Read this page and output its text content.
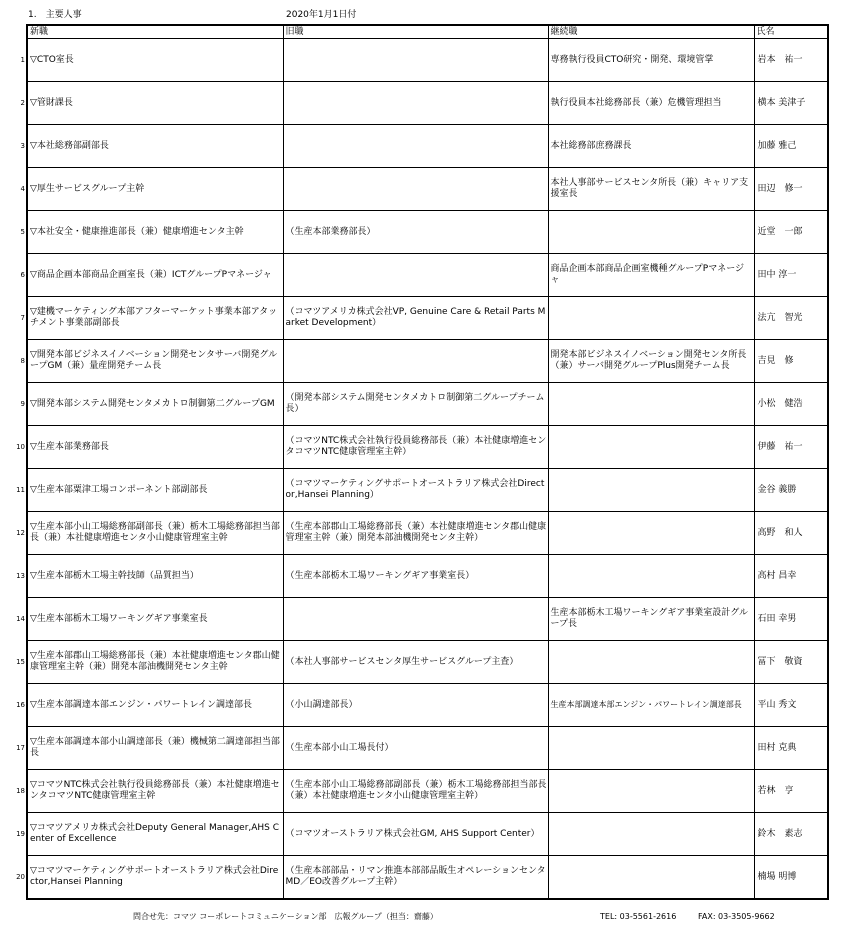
1.　主要人事	2020年1月1日付
	新職	旧職	継続職	氏名
1	▽CTO室長		専務執行役員CTO研究・開発、環境管掌	岩本　祐一
2	▽管財課長		執行役員本社総務部長（兼）危機管理担当	横本 美津子
3	▽本社総務部副部長		本社総務部庶務課長	加藤 雅己
4	▽厚生サービスグループ主幹		本社人事部サービスセンタ所長（兼）キャリア支援室長	田辺　修一
5	▽本社安全・健康推進部長（兼）健康増進センタ主幹	（生産本部業務部長）		近堂　一郎
6	▽商品企画本部商品企画室長（兼）ICTグループPマネージャ		商品企画本部商品企画室機種グループPマネージャ	田中 淳一
7	▽建機マーケティング本部アフターマーケット事業本部アタッチメント事業部副部長	（コマツアメリカ株式会社VP, Genuine Care & Retail Parts Market Development）		法亢　智光
8	▽開発本部ビジネスイノベーション開発センタサーバ開発グループGM（兼）量産開発チーム長		開発本部ビジネスイノベーション開発センタ所長（兼）サーバ開発グループPlus開発チーム長	吉見　修
9	▽開発本部システム開発センタメカトロ制御第二グループGM	（開発本部システム開発センタメカトロ制御第二グループチーム長）		小松　健浩
10	▽生産本部業務部長	（コマツNTC株式会社執行役員総務部長（兼）本社健康増進センタコマツNTC健康管理室主幹）		伊藤　祐一
11	▽生産本部粟津工場コンポーネント部副部長	（コマツマーケティングサポートオーストラリア株式会社Director,Hansei Planning）		金谷 義勝
12	▽生産本部小山工場総務部副部長（兼）栃木工場総務部担当部長（兼）本社健康増進センタ小山健康管理室主幹	（生産本部郡山工場総務部長（兼）本社健康増進センタ郡山健康管理室主幹（兼）開発本部油機開発センタ主幹）		高野　和人
13	▽生産本部栃木工場主幹技師（品質担当）	（生産本部栃木工場ワーキングギア事業室長）		高村 昌幸
14	▽生産本部栃木工場ワーキングギア事業室長		生産本部栃木工場ワーキングギア事業室設計グループ長	石田 幸男
15	▽生産本部郡山工場総務部長（兼）本社健康増進センタ郡山健康管理室主幹（兼）開発本部油機開発センタ主幹	（本社人事部サービスセンタ厚生サービスグループ主査）		冨下　敬資
16	▽生産本部調達本部エンジン・パワートレイン調達部長	（小山調達部長）	生産本部調達本部エンジン・パワートレイン調達部長	平山 秀文
17	▽生産本部調達本部小山調達部長（兼）機械第二調達部担当部長	（生産本部小山工場長付）		田村 克典
18	▽コマツNTC株式会社執行役員総務部長（兼）本社健康増進センタコマツNTC健康管理室主幹	（生産本部小山工場総務部副部長（兼）栃木工場総務部担当部長（兼）本社健康増進センタ小山健康管理室主幹）		若林　亨
19	▽コマツアメリカ株式会社Deputy General Manager,AHS Center of Excellence	（コマツオーストラリア株式会社GM, AHS Support Center）		鈴木　素志
20	▽コマツマーケティングサポートオーストラリア株式会社Director,Hansei Planning	（生産本部部品・リマン推進本部部品販生オペレーションセンタMD／EO改善グループ主幹）		楠場 明博
問合せ先：コマツ コーポレートコミュニケーション部　広報グループ（担当：齋藤）	TEL: 03-5561-2616	FAX: 03-3505-9662
